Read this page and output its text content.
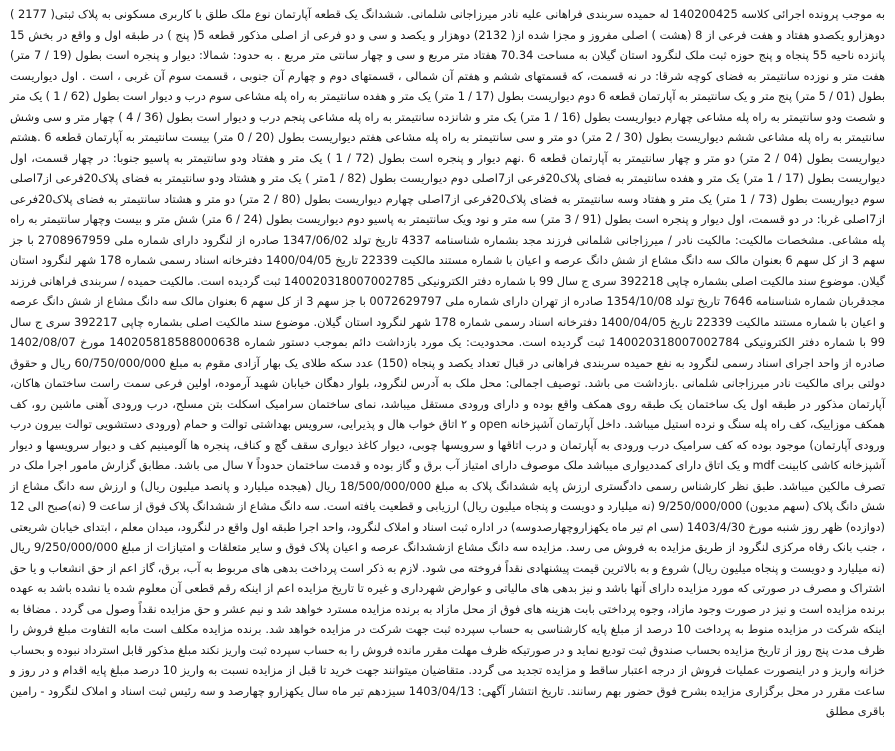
به موجب پرونده اجرائی کلاسه 140200425 له حمیده سربندی فراهانی علیه نادر میرزاجانی شلمانی. ششدانگ یک قطعه آپارتمان نوع ملک طلق با کاربری مسکونی به پلاک ثبتی( 2177 ) دوهزارو یکصدو هفتاد و هفت فرعی از 8 (هشت ) اصلی مفروز و مجزا شده از( 2132) دوهزار و یکصد و سی و دو فرعی از اصلی مذکور قطعه 5( پنج ) در طبقه اول و واقع در بخش 15 پانزده ناحیه 55 پنجاه و پنج حوزه ثبت ملک لنگرود استان گیلان به مساحت 70.34 هفتاد متر مربع و سی و چهار سانتی متر مربع . به حدود: شمالا: دیوار و پنجره است بطول (19 / 7 متر) هفت متر و نوزده سانتیمتر به فضای کوچه شرقا: در نه قسمت، که قسمتهای ششم و هفتم آن شمالی ، قسمتهای دوم و چهارم آن جنوبی ، قسمت سوم آن غربی ، است . اول دیواریست بطول (01 / 5 متر) پنج متر و یک سانتیمتر به آپارتمان قطعه 6 دوم دیواریست بطول (17 / 1 متر) یک متر و هفده سانتیمتر به راه پله مشاعی سوم درب و دیوار است بطول (62 / 1 ) یک متر و شصت ودو سانتیمتر به راه پله مشاعی چهارم دیواریست بطول (16 / 1 متر) یک متر و شانزده سانتیمتر به راه پله مشاعی پنجم درب و دیوار است بطول (36 / 4 ) چهار متر و سی وشش سانتیمتر به راه پله مشاعی ششم دیواریست بطول (30 / 2 متر) دو متر و سی سانتیمتر به راه پله مشاعی هفتم دیواریست بطول (20 / 0 متر) بیست سانتیمتر به آپارتمان قطعه 6 .هشتم دیواریست بطول (04 / 2 متر) دو متر و چهار سانتیمتر به آپارتمان قطعه 6 .نهم دیوار و پنجره است بطول (72 / 1 ) یک متر و هفتاد ودو سانتیمتر به پاسیو جنوبا: در چهار قسمت، اول دیواریست بطول (17 / 1 متر) یک متر و هفده سانتیمتر به فضای پلاک20فرعی از7اصلی دوم دیواریست بطول (82 / 1متر ) یک متر و هشتاد ودو سانتیمتر به فضای پلاک20فرعی از7اصلی سوم دیواریست بطول (73 / 1 متر) یک متر و هفتاد وسه سانتیمتر به فضای پلاک20فرعی از7اصلی چهارم دیواریست بطول (80 / 2 متر) دو متر و هشتاد سانتیمتر به فضای پلاک20فرعی از7اصلی غربا: در دو قسمت، اول دیوار و پنجره است بطول (91 / 3 متر) سه متر و نود ویک سانتیمتر به پاسیو دوم دیواریست بطول (24 / 6 متر) شش متر و بیست وچهار سانتیمتر به راه پله مشاعی. مشخصات مالکیت: مالکیت نادر / میرزاجانی شلمانی فرزند مجد بشماره شناسنامه 4337 تاریخ تولد 1347/06/02 صادره از لنگرود دارای شماره ملی 2708967959 با جز سهم 3 از کل سهم 6 بعنوان مالک سه دانگ مشاع از شش دانگ عرصه و اعیان با شماره مستند مالکیت 22339 تاریخ 1400/04/05 دفترخانه اسناد رسمی شماره 178 شهر لنگرود استان گیلان. موضوع سند مالکیت اصلی بشماره چاپی 392218 سری ج سال 99 با شماره دفتر الکترونیکی 140020318007002785 ثبت گردیده است. مالکیت حمیده / سربندی فراهانی فرزند مجدقربان شماره شناسنامه 7646 تاریخ تولد 1354/10/08 صادره از تهران دارای شماره ملی 0072629797 با جز سهم 3 از کل سهم 6 بعنوان مالک سه دانگ مشاع از شش دانگ عرصه و اعیان با شماره مستند مالکیت 22339 تاریخ 1400/04/05 دفترخانه اسناد رسمی شماره 178 شهر لنگرود استان گیلان. موضوع سند مالکیت اصلی بشماره چاپی 392217 سری ج سال 99 با شماره دفتر الکترونیکی 140020318007002784 ثبت گردیده است. محدودیت: یک مورد بازداشت دائم بموجب دستور شماره 140205818588000638 مورخ 1402/08/07 صادره از واحد اجرای اسناد رسمی لنگرود به نفع حمیده سربندی فراهانی در قبال تعداد یکصد و پنجاه (150) عدد سکه طلای یک بهار آزادی مقوم به مبلغ 60/750/000/000 ریال و حقوق دولتی برای مالکیت نادر میرزاجانی شلمانی .بازداشت می باشد. توصیف اجمالی: محل ملک به آدرس لنگرود، بلوار دهگان خیابان شهید آرموده، اولین فرعی سمت راست ساختمان هاکان، آپارتمان مذکور در طبقه اول یک ساختمان یک طبقه روی همکف واقع بوده و دارای ورودی مستقل میباشد، نمای ساختمان سرامیک اسکلت بتن مسلح، درب ورودی آهنی ماشین رو، کف همکف موزاییک، کف راه پله سنگ و نرده استیل میباشد. داخل آپارتمان آشپزخانه open و ۲ اتاق خواب هال و پذیرایی، سرویس بهداشتی توالت و حمام (ورودی دستشویی توالت بیرون درب ورودی آپارتمان) موجود بوده که کف سرامیک درب ورودی به آپارتمان و درب اتاقها و سرویسها چوبی، دیوار کاغذ دیواری سقف گچ و کناف، پنجره ها آلومینیم کف و دیوار سرویسها و دیوار آشپزخانه کاشی کابینت mdf و یک اتاق دارای کمددیواری میباشد ملک موصوف دارای امتیاز آب برق و گاز بوده و قدمت ساختمان حدوداً ۷ سال می باشد. مطابق گزارش مامور اجرا ملک در تصرف مالکین میباشد. طبق نظر کارشناس رسمی دادگستری ارزش پایه ششدانگ پلاک به مبلغ 18/500/000/000 ریال (هیجده میلیارد و پانصد میلیون ریال) و ارزش سه دانگ مشاع از شش دانگ پلاک (سهم مدیون) 9/250/000/000 (نه میلیارد و دویست و پنجاه میلیون ریال) ارزیابی و قطعیت یافته است. سه دانگ مشاع از ششدانگ پلاک فوق از ساعت 9 (نه)صبح الی 12 (دوازده) ظهر روز شنبه مورخ 1403/4/30 (سی ام تیر ماه یکهزاروچهارصدوسه) در اداره ثبت اسناد و املاک لنگرود، واحد اجرا طبقه اول واقع در لنگرود، میدان معلم ، ابتدای خیابان شریعتی ، جنب بانک رفاه مرکزی لنگرود از طریق مزایده به فروش می رسد. مزایده سه دانگ مشاع ازششدانگ عرصه و اعیان پلاک فوق و سایر متعلقات و امتیازات از مبلغ 9/250/000/000 ریال (نه میلیارد و دویست و پنجاه میلیون ریال) شروع و به بالاترین قیمت پیشنهادی نقداً فروخته می شود. لازم به ذکر است پرداخت بدهی های مربوط به آب، برق، گاز اعم از حق انشعاب و یا حق اشتراک و مصرف در صورتی که مورد مزایده دارای آنها باشد و نیز بدهی های مالیاتی و عوارض شهرداری و غیره تا تاریخ مزایده اعم از اینکه رقم قطعی آن معلوم شده یا نشده باشد به عهده برنده مزایده است و نیز در صورت وجود مازاد، وجوه پرداختی بابت هزینه های فوق از محل مازاد به برنده مزایده مسترد خواهد شد و نیم عشر و حق مزایده نقداً وصول می گردد . مضافا به اینکه شرکت در مزایده منوط به پرداخت 10 درصد از مبلغ پایه کارشناسی به حساب سپرده ثبت جهت شرکت در مزایده خواهد شد. برنده مزایده مکلف است مابه التفاوت مبلغ فروش را ظرف مدت پنج روز از تاریخ مزایده بحساب صندوق ثبت تودیع نماید و در صورتیکه ظرف مهلت مقرر مانده فروش را به حساب سپرده ثبت واریز نکند مبلغ مذکور قابل استرداد نبوده و بحساب خزانه واریز و در اینصورت عملیات فروش از درجه اعتبار ساقط و مزایده تجدید می گردد. متقاضیان میتوانند جهت خرید تا قبل از مزایده نسبت به واریز 10 درصد مبلغ پایه اقدام و در روز و ساعت مقرر در محل برگزاری مزایده بشرح فوق حضور بهم رسانند. تاریخ انتشار آگهی: 1403/04/13 سیزدهم تیر ماه سال یکهزارو چهارصد و سه رئیس ثبت اسناد و املاک لنگرود - رامین باقری مطلق
